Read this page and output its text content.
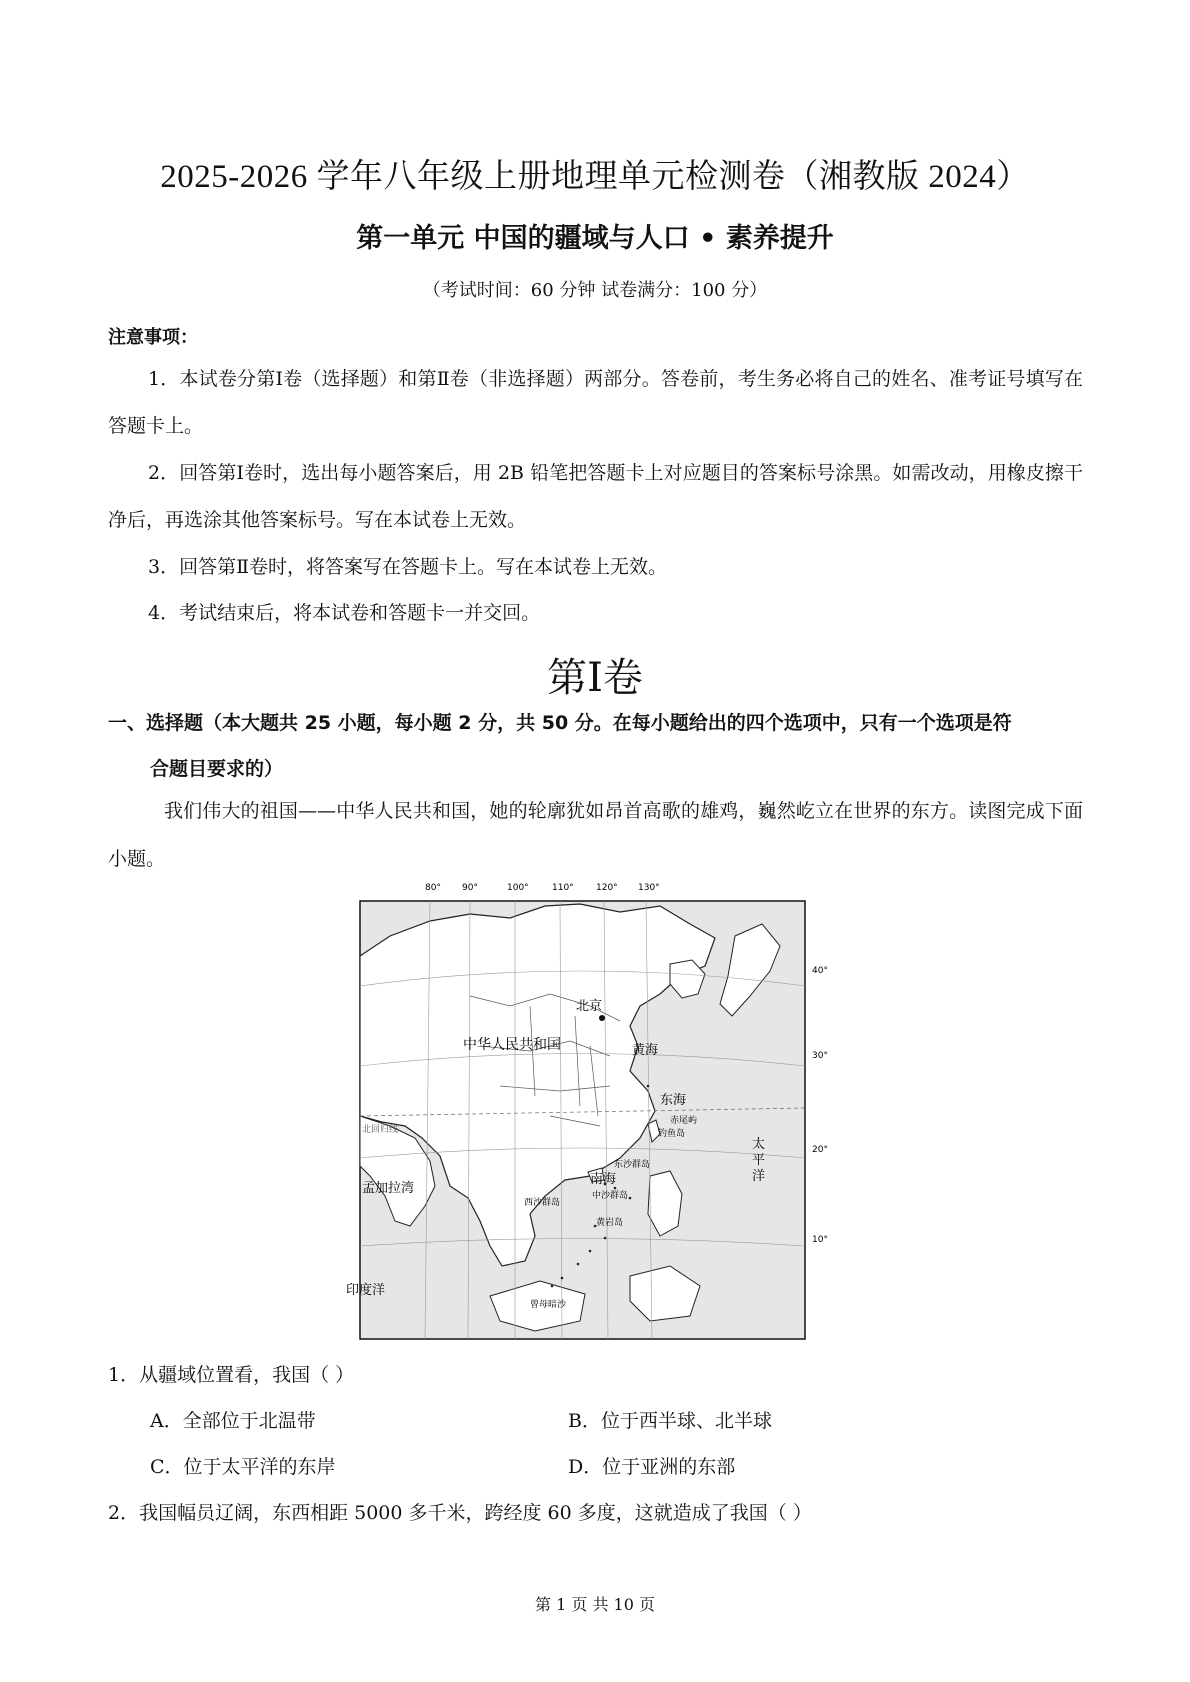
2025-2026 学年八年级上册地理单元检测卷（湘教版 2024）
第一单元 中国的疆域与人口 • 素养提升
（考试时间：60 分钟 试卷满分：100 分）
注意事项：
1．本试卷分第Ⅰ卷（选择题）和第Ⅱ卷（非选择题）两部分。答卷前，考生务必将自己的姓名、准考证号填写在答题卡上。
2．回答第Ⅰ卷时，选出每小题答案后，用 2B 铅笔把答题卡上对应题目的答案标号涂黑。如需改动，用橡皮擦干净后，再选涂其他答案标号。写在本试卷上无效。
3．回答第Ⅱ卷时，将答案写在答题卡上。写在本试卷上无效。
4．考试结束后，将本试卷和答题卡一并交回。
第Ⅰ卷
一、选择题（本大题共 25 小题，每小题 2 分，共 50 分。在每小题给出的四个选项中，只有一个选项是符
合题目要求的）
我们伟大的祖国——中华人民共和国，她的轮廓犹如昂首高歌的雄鸡，巍然屹立在世界的东方。读图完成下面小题。
80° 90°	100°	110° 120° 130°
40°
30°
20°
10°
北京
中华人民共和国	黄海
东海
赤尾屿
钓鱼岛
太
平
洋
北回归线
东沙群岛
南海
中沙群岛
西沙群岛
黄岩岛
孟加拉湾
印度洋
曾母暗沙
1．从疆域位置看，我国（ ）
A．全部位于北温带	B．位于西半球、北半球
C．位于太平洋的东岸	D．位于亚洲的东部
2．我国幅员辽阔，东西相距 5000 多千米，跨经度 60 多度，这就造成了我国（ ）
第 1 页 共 10 页
